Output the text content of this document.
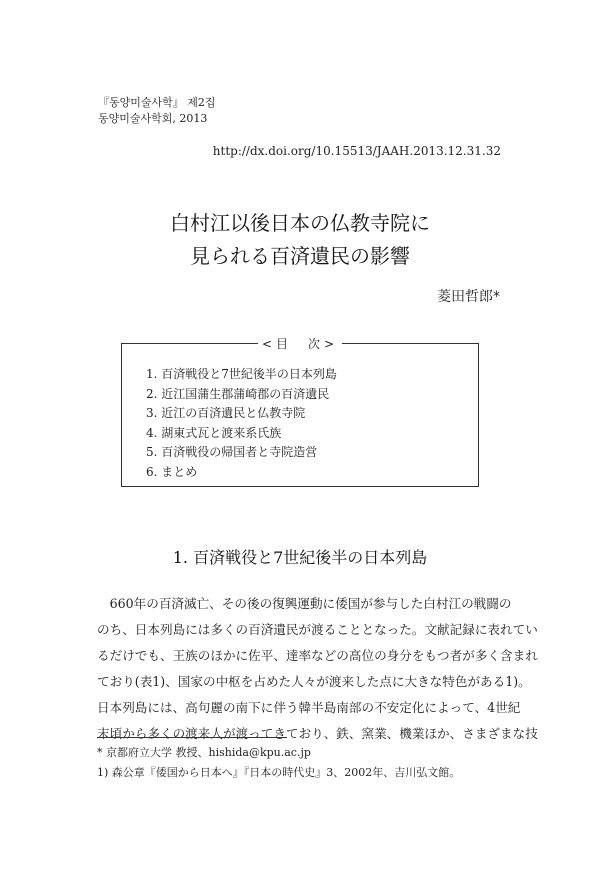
『동양미술사학』 제2집
동양미술사학회, 2013
http://dx.doi.org/10.15513/JAAH.2013.12.31.32
白村江以後日本の仏教寺院に
見られる百済遺民の影響
菱田哲郎*
<目　次>
1. 百済戦役と7世紀後半の日本列島
2. 近江国蒲生郡蒲崎郡の百済遺民
3. 近江の百済遺民と仏教寺院
4. 湖東式瓦と渡来系氏族
5. 百済戦役の帰国者と寺院造営
6. まとめ
1. 百済戦役と7世紀後半の日本列島

　660年の百済滅亡、その後の復興運動に倭国が参与した白村江の戦闘の
のち、日本列島には多くの百済遺民が渡ることとなった。文献記録に表れてい
るだけでも、王族のほかに佐平、達率などの高位の身分をもつ者が多く含まれ
ており(表1)、国家の中枢を占めた人々が渡来した点に大きな特色がある1)。
日本列島には、高句麗の南下に伴う韓半島南部の不安定化によって、4世紀
末頃から多くの渡来人が渡ってきており、鉄、窯業、機業ほか、さまざまな技

* 京都府立大学 教授、hishida@kpu.ac.jp
1) 森公章『倭国から日本へ』『日本の時代史』3、2002年、吉川弘文館。
